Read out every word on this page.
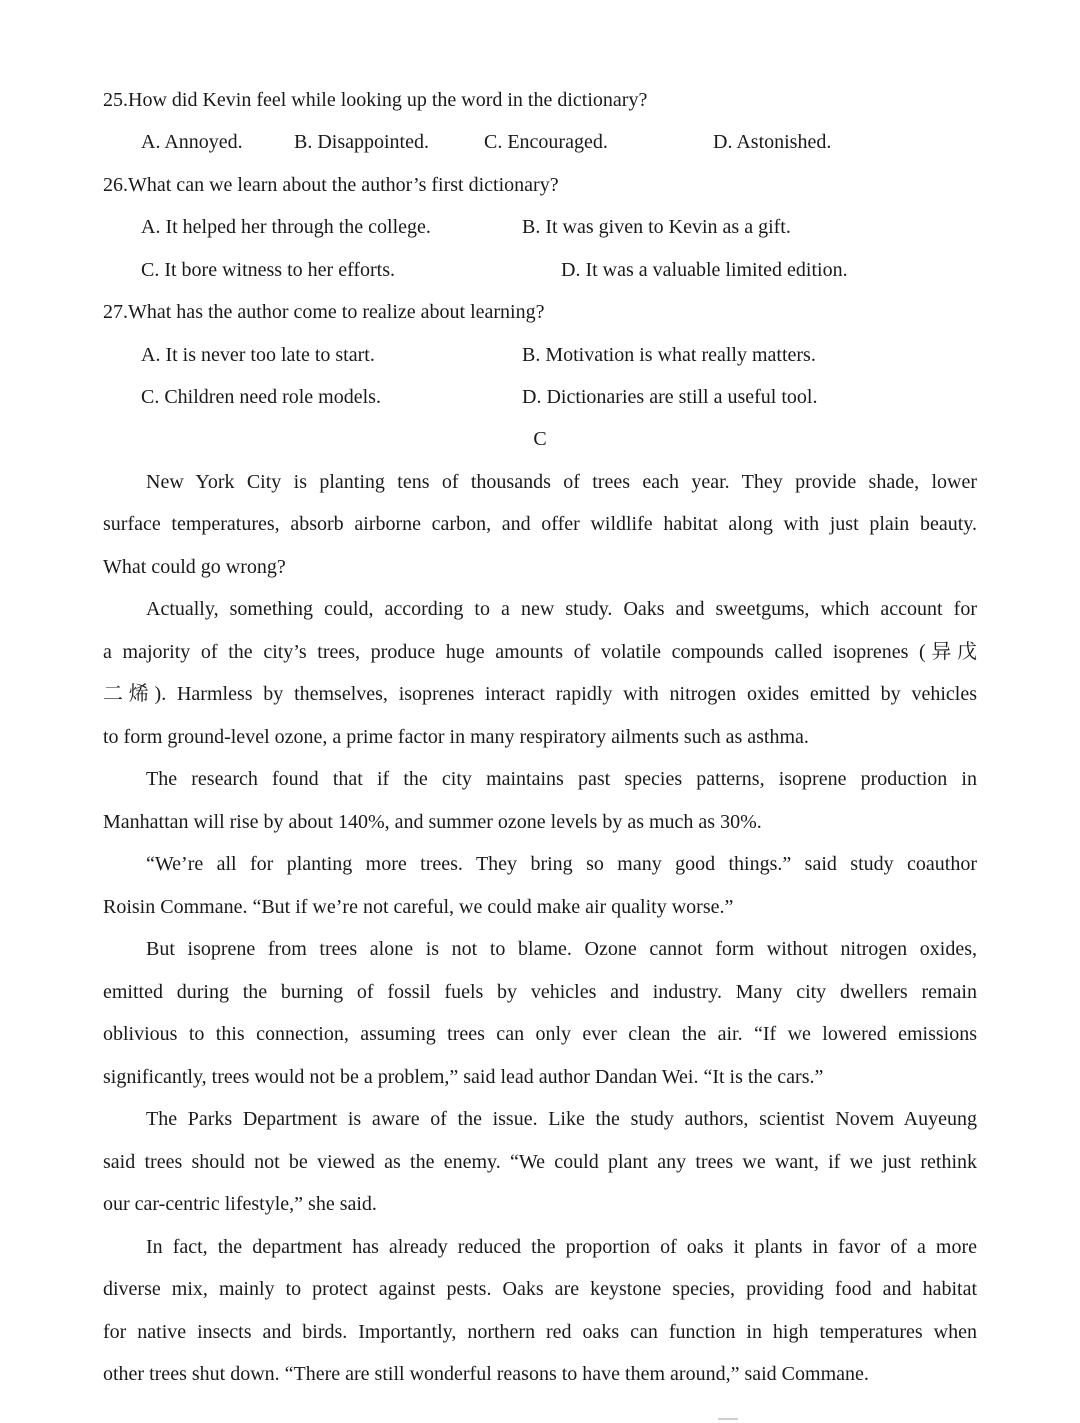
25.How did Kevin feel while looking up the word in the dictionary?
A. Annoyed.	B. Disappointed.	C. Encouraged.	D. Astonished.
26.What can we learn about the author’s first dictionary?
A. It helped her through the college.	B. It was given to Kevin as a gift.
C. It bore witness to her efforts.	D. It was a valuable limited edition.
27.What has the author come to realize about learning?
A. It is never too late to start.	B. Motivation is what really matters.
C. Children need role models.	D. Dictionaries are still a useful tool.
C
New York City is planting tens of thousands of trees each year. They provide shade, lower
surface temperatures, absorb airborne carbon, and offer wildlife habitat along with just plain beauty.
What could go wrong?
Actually, something could, according to a new study. Oaks and sweetgums, which account for
a majority of the city’s trees, produce huge amounts of volatile compounds called isoprenes (异戊
二烯). Harmless by themselves, isoprenes interact rapidly with nitrogen oxides emitted by vehicles
to form ground-level ozone, a prime factor in many respiratory ailments such as asthma.
The research found that if the city maintains past species patterns, isoprene production in
Manhattan will rise by about 140%, and summer ozone levels by as much as 30%.
“We’re all for planting more trees. They bring so many good things.” said study coauthor
Roisin Commane. “But if we’re not careful, we could make air quality worse.”
But isoprene from trees alone is not to blame. Ozone cannot form without nitrogen oxides,
emitted during the burning of fossil fuels by vehicles and industry. Many city dwellers remain
oblivious to this connection, assuming trees can only ever clean the air. “If we lowered emissions
significantly, trees would not be a problem,” said lead author Dandan Wei. “It is the cars.”
The Parks Department is aware of the issue. Like the study authors, scientist Novem Auyeung
said trees should not be viewed as the enemy. “We could plant any trees we want, if we just rethink
our car-centric lifestyle,” she said.
In fact, the department has already reduced the proportion of oaks it plants in favor of a more
diverse mix, mainly to protect against pests. Oaks are keystone species, providing food and habitat
for native insects and birds. Importantly, northern red oaks can function in high temperatures when
other trees shut down. “There are still wonderful reasons to have them around,” said Commane.
